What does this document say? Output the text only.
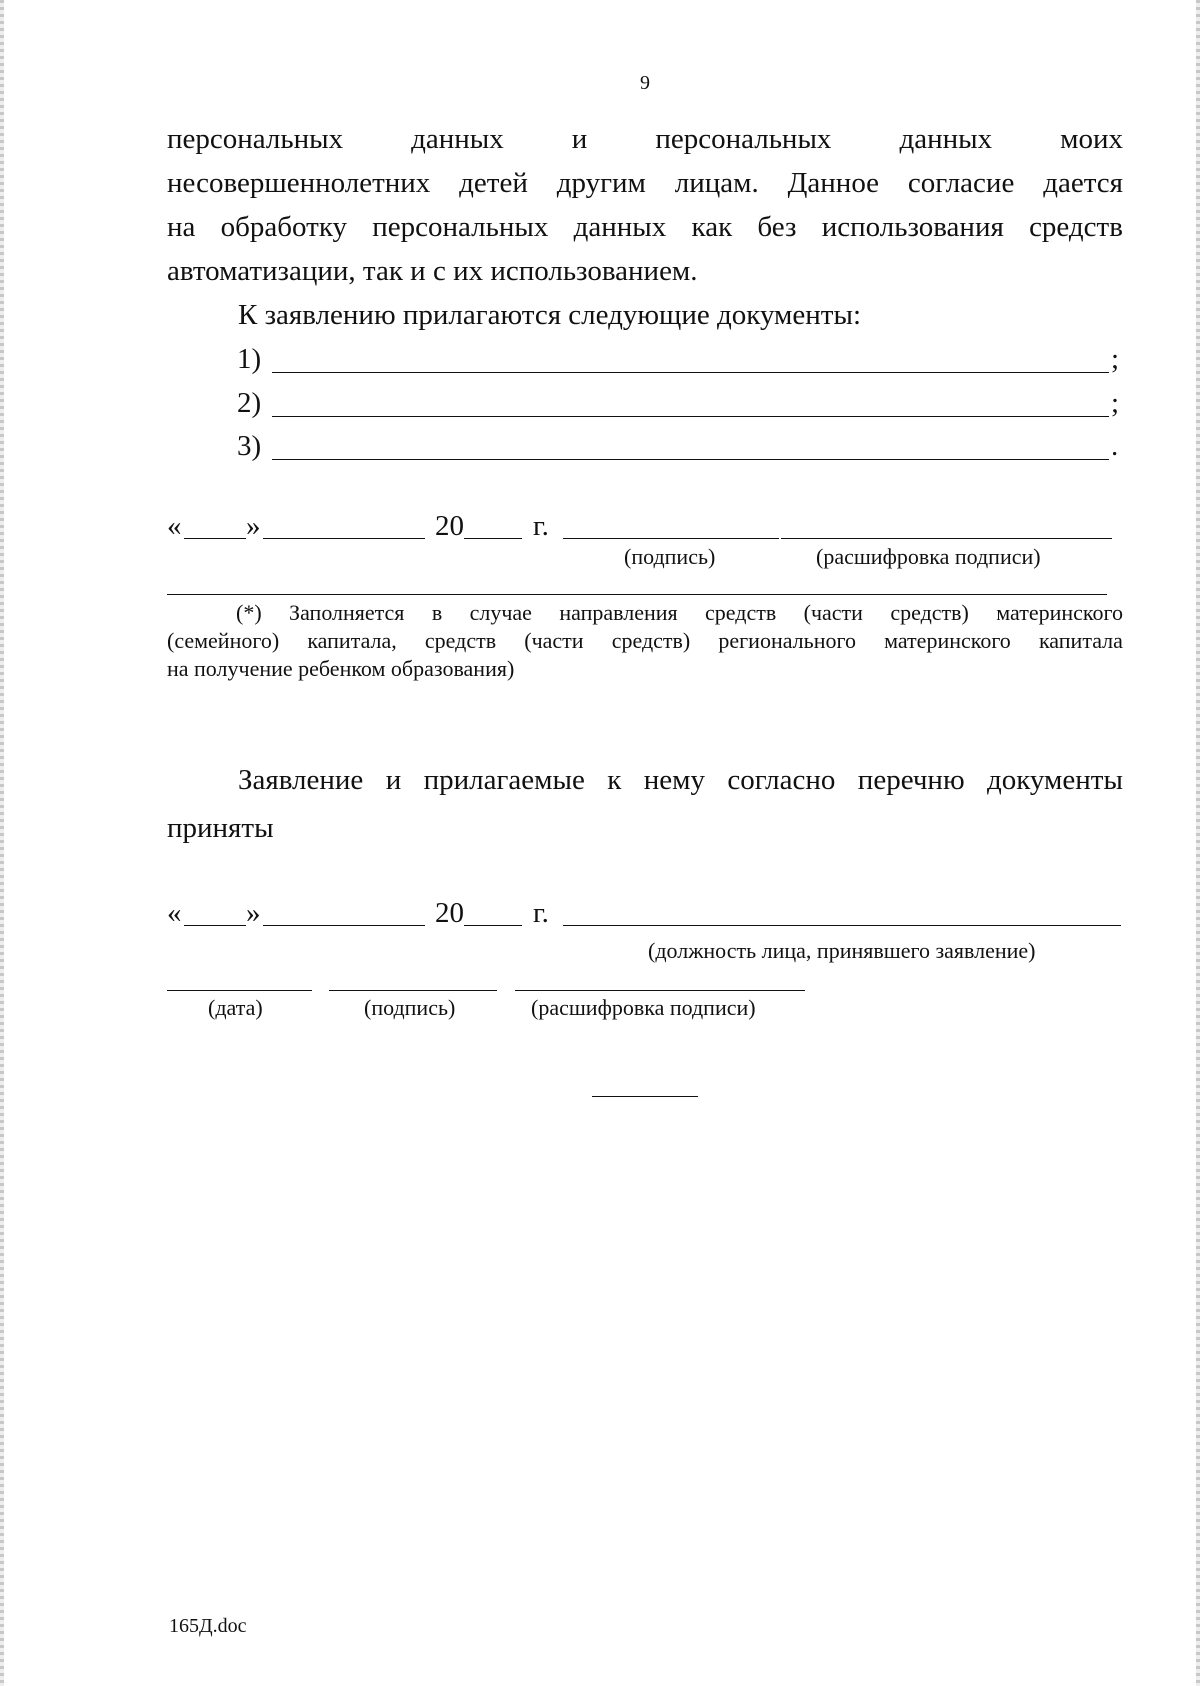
9
персональных данных и персональных данных моих
несовершеннолетних детей другим лицам. Данное согласие дается
на обработку персональных данных как без использования средств
автоматизации, так и с их использованием.
К заявлению прилагаются следующие документы:
1)	;
2)	;
3)	.
« »	20 г.
(подпись)	(расшифровка подписи)
(*) Заполняется в случае направления средств (части средств) материнского
(семейного) капитала, средств (части средств) регионального материнского капитала
на получение ребенком образования)
Заявление и прилагаемые к нему согласно перечню документы
приняты
« »	20 г.
(должность лица, принявшего заявление)
(дата)	(подпись)	(расшифровка подписи)
165Д.doc
